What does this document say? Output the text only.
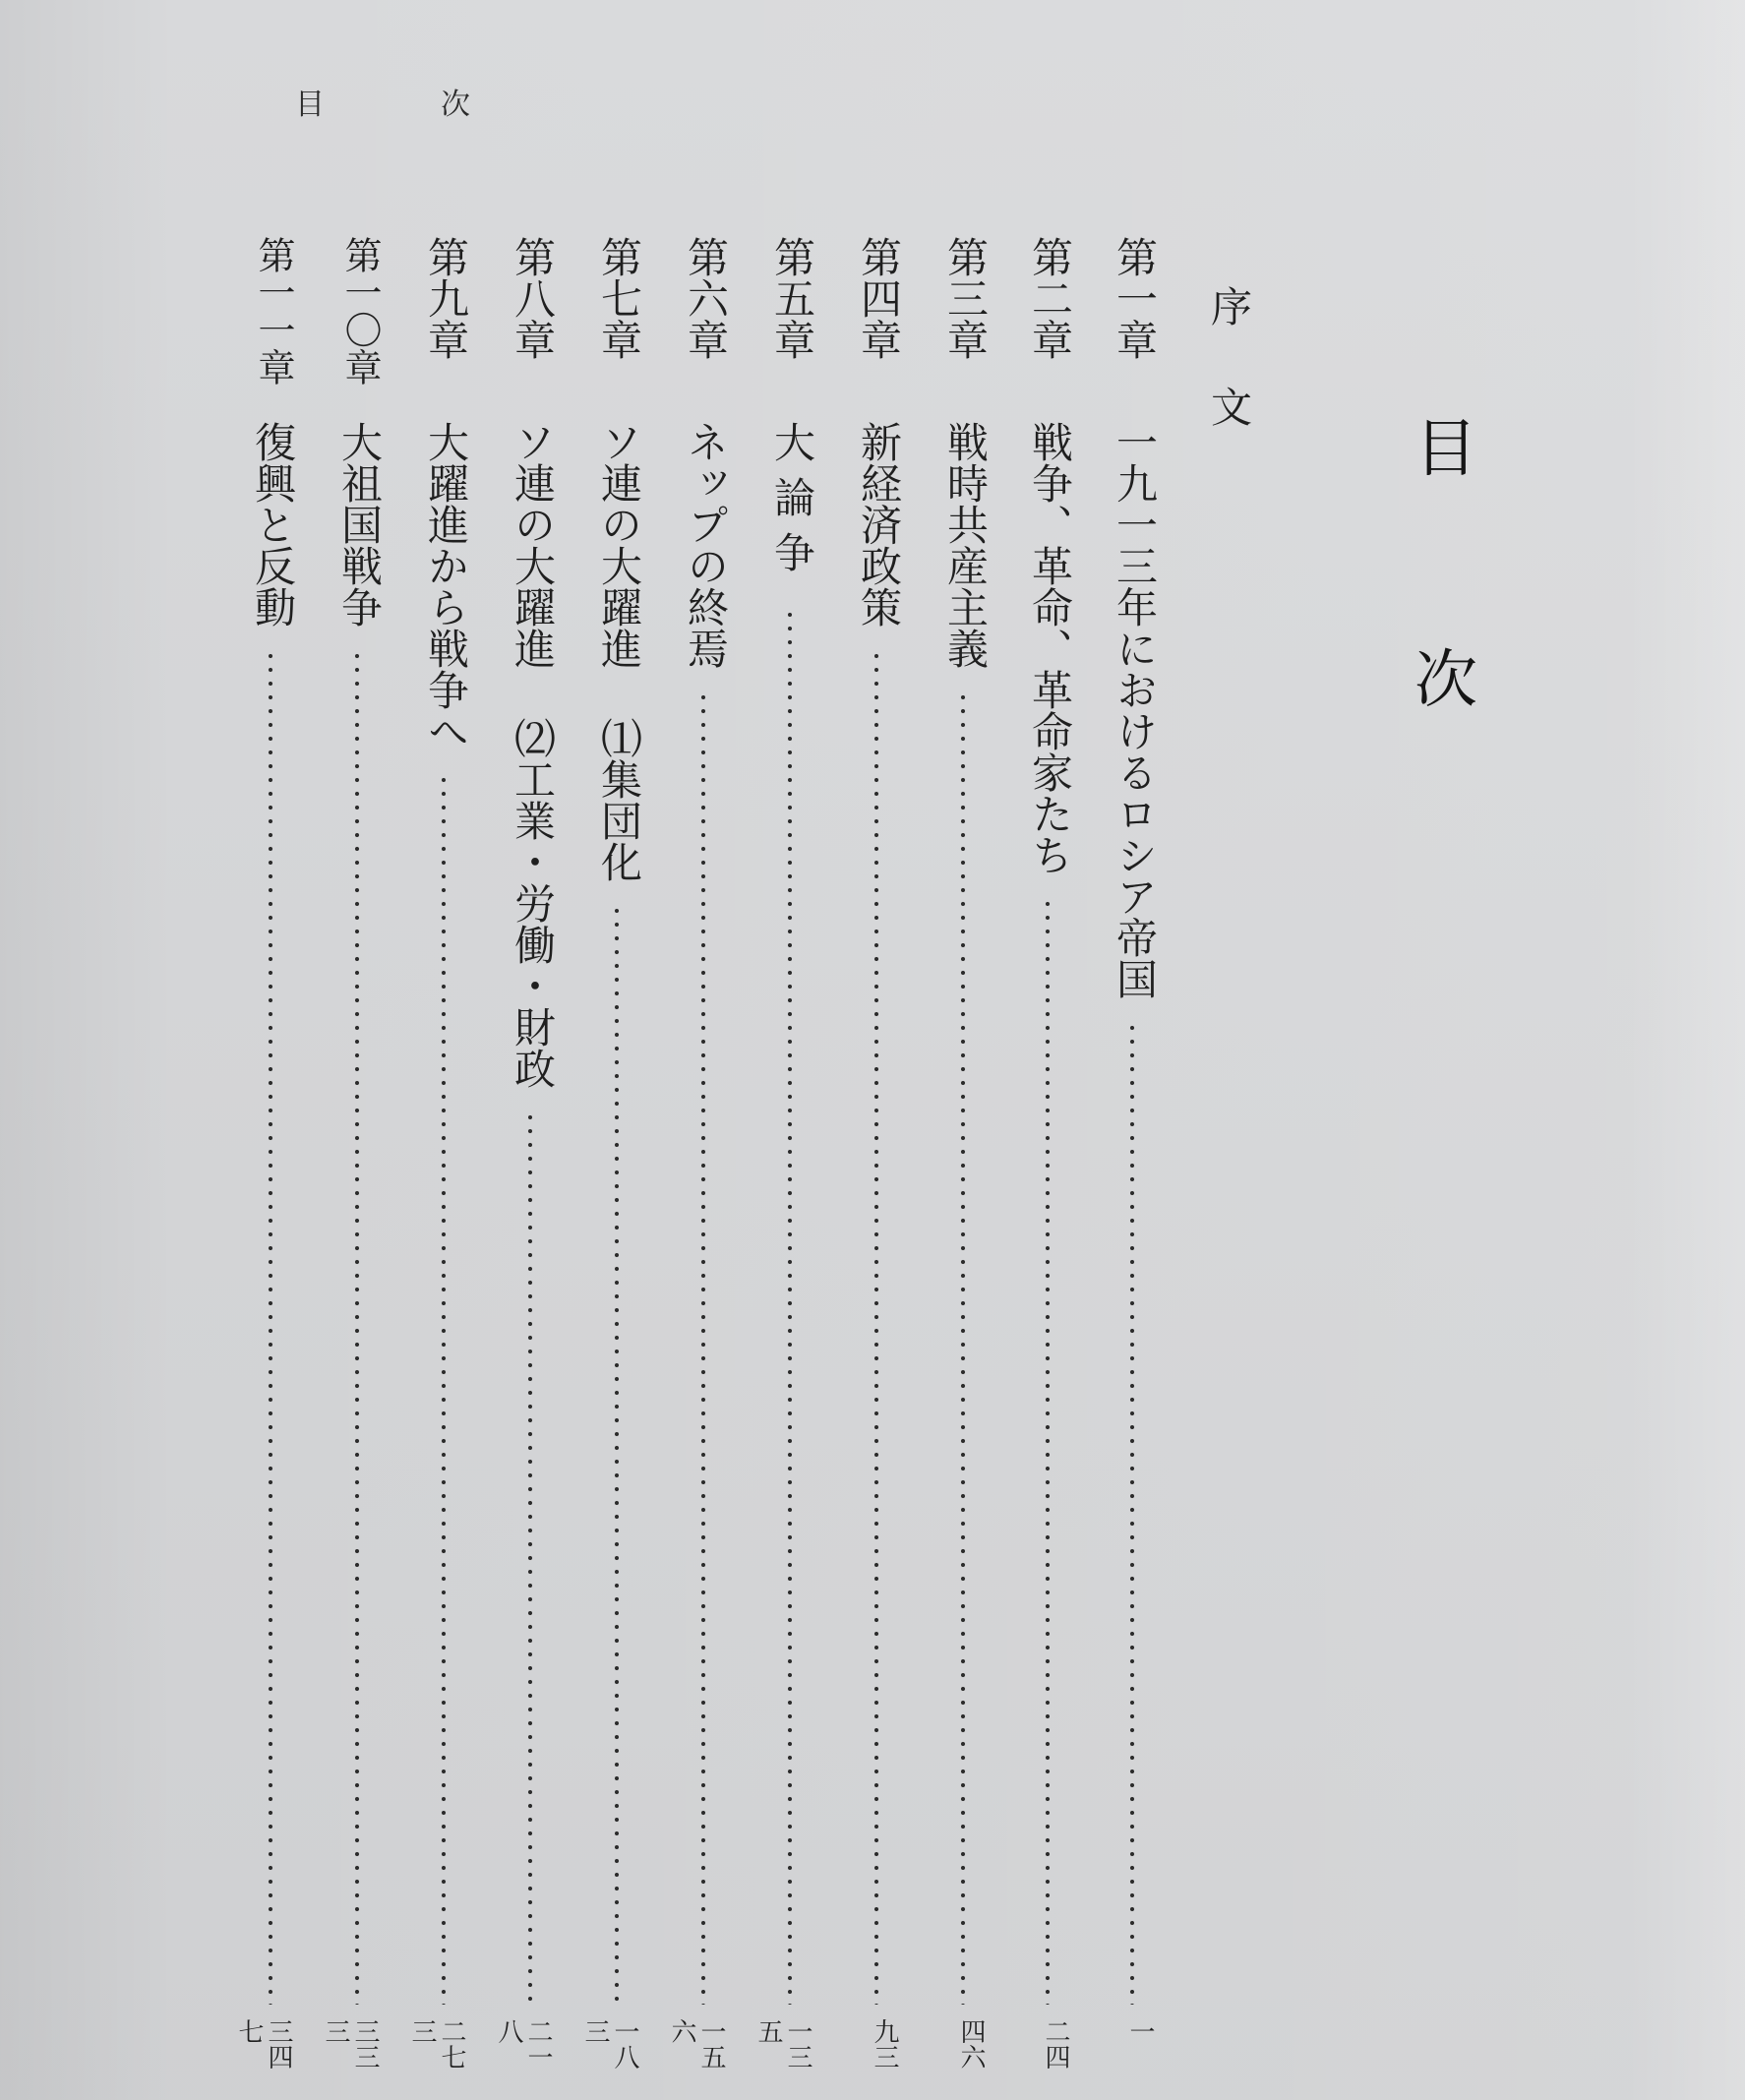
目	次
目
次
序文
第一章
一九一三年におけるロシア帝国
一
第二章
戦争、革命、革命家たち
二四
第三章
戦時共産主義
四六
第四章
新経済政策
九三
第五章
大論争
一三五
第六章
ネップの終焉
一五六
第七章
ソ連の大躍進 ⑴集団化
一八三
第八章
ソ連の大躍進 ⑵工業・労働・財政
二一八
第九章
大躍進から戦争へ
二七三
第一〇章
大祖国戦争
三三三
第一一章
復興と反動
三四七
